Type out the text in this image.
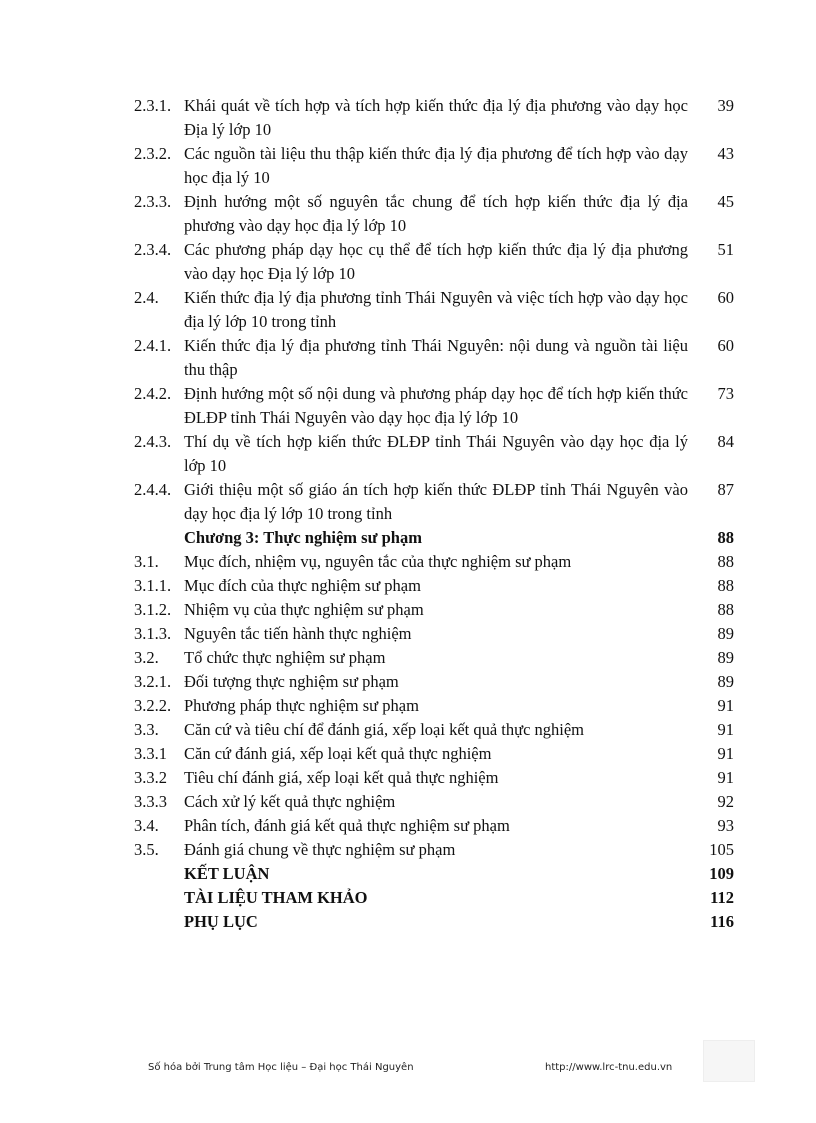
2.3.1. Khái quát về tích hợp và tích hợp kiến thức địa lý địa phương vào dạy học Địa lý lớp 10
39
2.3.2. Các nguồn tài liệu thu thập kiến thức địa lý địa phương để tích hợp vào dạy học địa lý 10
43
2.3.3. Định hướng một số nguyên tắc chung để tích hợp kiến thức địa lý địa phương vào dạy học địa lý lớp 10
45
2.3.4. Các phương pháp dạy học cụ thể để tích hợp kiến thức địa lý địa phương vào dạy học Địa lý lớp 10
51
2.4. Kiến thức địa lý địa phương tỉnh Thái Nguyên và việc tích hợp vào dạy học địa lý lớp 10 trong tỉnh
60
2.4.1. Kiến thức địa lý địa phương tỉnh Thái Nguyên: nội dung và nguồn tài liệu thu thập
60
2.4.2. Định hướng một số nội dung và phương pháp dạy học để tích hợp kiến thức ĐLĐP tỉnh Thái Nguyên vào dạy học địa lý lớp 10
73
2.4.3. Thí dụ về tích hợp kiến thức ĐLĐP tỉnh Thái Nguyên vào dạy học địa lý lớp 10
84
2.4.4. Giới thiệu một số giáo án tích hợp kiến thức ĐLĐP tỉnh Thái Nguyên vào dạy học địa lý lớp 10 trong tỉnh
87
Chương 3: Thực nghiệm sư phạm	88
3.1. Mục đích, nhiệm vụ, nguyên tắc của thực nghiệm sư phạm	88
3.1.1. Mục đích của thực nghiệm sư phạm	88
3.1.2. Nhiệm vụ của thực nghiệm sư phạm	88
3.1.3. Nguyên tắc tiến hành thực nghiệm	89
3.2. Tổ chức thực nghiệm sư phạm	89
3.2.1. Đối tượng thực nghiệm sư phạm	89
3.2.2. Phương pháp thực nghiệm sư phạm	91
3.3. Căn cứ và tiêu chí để đánh giá, xếp loại kết quả thực nghiệm	91
3.3.1 Căn cứ đánh giá, xếp loại kết quả thực nghiệm	91
3.3.2 Tiêu chí đánh giá, xếp loại kết quả thực nghiệm	91
3.3.3 Cách xử lý kết quả thực nghiệm	92
3.4. Phân tích, đánh giá kết quả thực nghiệm sư phạm	93
3.5. Đánh giá chung về thực nghiệm sư phạm	105
KẾT LUẬN	109
TÀI LIỆU THAM KHẢO	112
PHỤ LỤC	116
Số hóa bởi Trung tâm Học liệu – Đại học Thái Nguyên	http://www.lrc-tnu.edu.vn
